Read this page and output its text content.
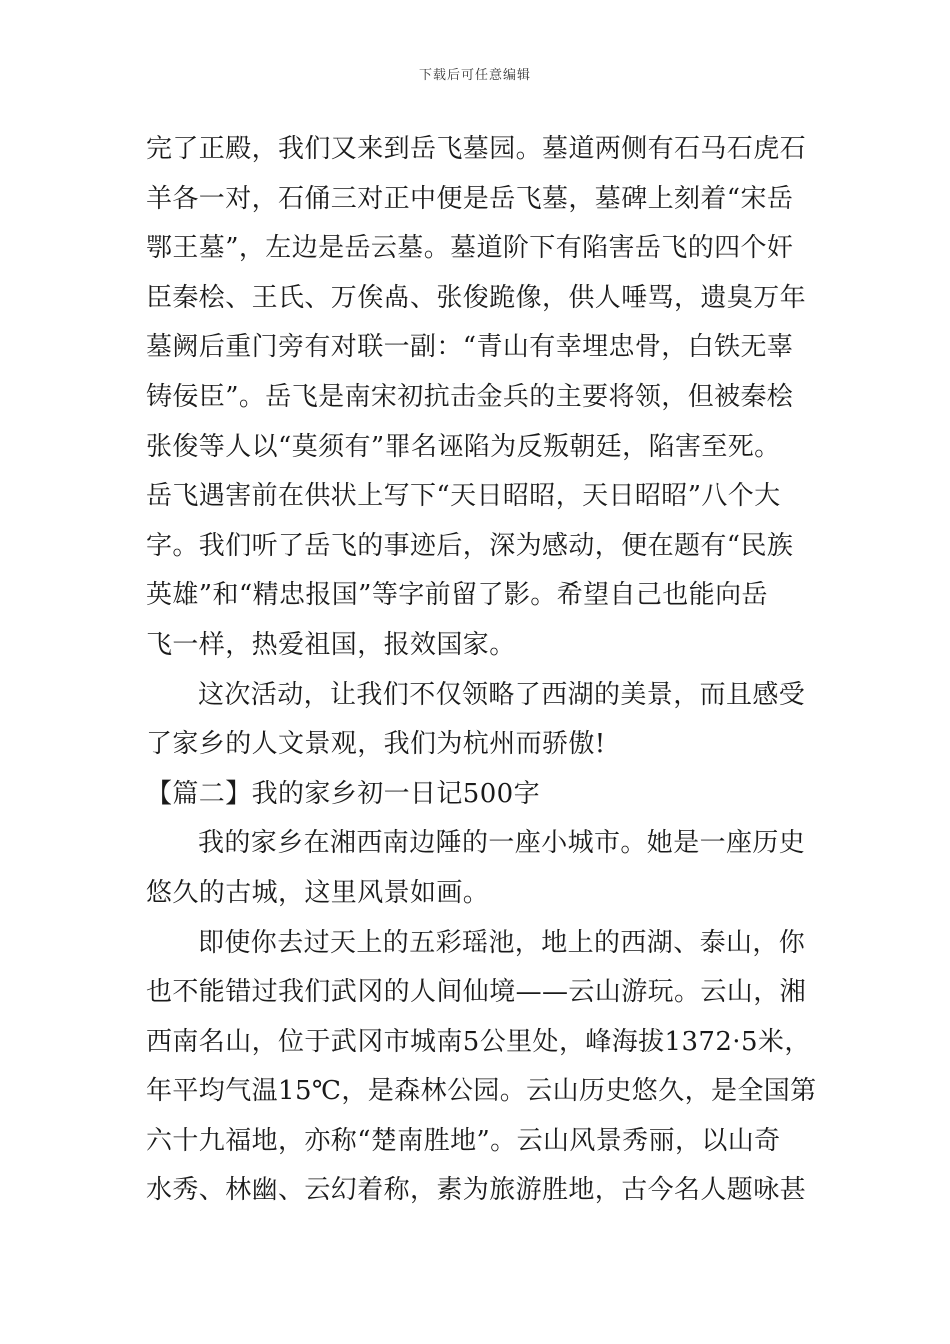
下载后可任意编辑

完了正殿，我们又来到岳飞墓园。墓道两侧有石马石虎石
羊各一对，石俑三对正中便是岳飞墓，墓碑上刻着“宋岳
鄂王墓”，左边是岳云墓。墓道阶下有陷害岳飞的四个奸
臣秦桧、王氏、万俟卨、张俊跪像，供人唾骂，遗臭万年
墓阙后重门旁有对联一副：“青山有幸埋忠骨，白铁无辜
铸佞臣”。岳飞是南宋初抗击金兵的主要将领，但被秦桧
张俊等人以“莫须有”罪名诬陷为反叛朝廷，陷害至死。
岳飞遇害前在供状上写下“天日昭昭，天日昭昭”八个大
字。我们听了岳飞的事迹后，深为感动，便在题有“民族
英雄”和“精忠报国”等字前留了影。希望自己也能向岳
飞一样，热爱祖国，报效国家。

这次活动，让我们不仅领略了西湖的美景，而且感受
了家乡的人文景观，我们为杭州而骄傲!

【篇二】我的家乡初一日记500字

我的家乡在湘西南边陲的一座小城市。她是一座历史
悠久的古城，这里风景如画。

即使你去过天上的五彩瑶池，地上的西湖、泰山，你
也不能错过我们武冈的人间仙境——云山游玩。云山，湘
西南名山，位于武冈市城南5公里处，峰海拔1372·5米，
年平均气温15℃，是森林公园。云山历史悠久，是全国第
六十九福地，亦称“楚南胜地”。云山风景秀丽，以山奇
水秀、林幽、云幻着称，素为旅游胜地，古今名人题咏甚
